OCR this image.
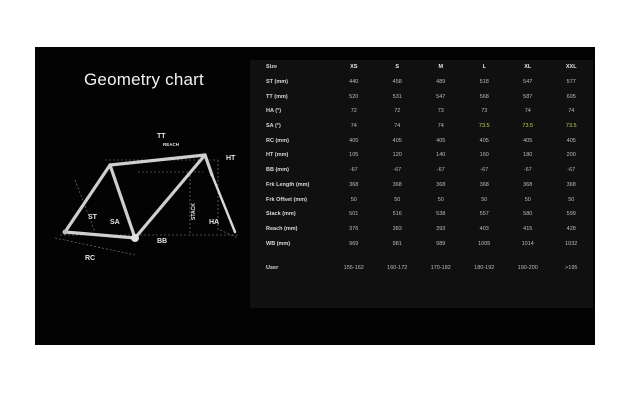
Geometry chart
TT
REACH
HT
ST
SA
STACK
HA
BB
RC
Size	XS	S	M	L	XL	XXL
ST (mm)	440	458	489	518	547	577
TT (mm)	520	531	547	568	587	605
HA (°)	72	72	73	73	74	74
SA (°)	74	74	74	73.5	73.5	73.5
RC (mm)	405	405	405	405	405	405
HT (mm)	105	120	140	160	180	200
BB (mm)	-67	-67	-67	-67	-67	-67
Frk Length (mm)	368	368	368	368	368	368
Frk Offset (mm)	50	50	50	50	50	50
Stack (mm)	501	516	538	557	580	599
Reach (mm)	376	383	393	403	415	428
WB (mm)	969	981	989	1005	1014	1032

User	155-162	160-172	170-182	180-192	190-200	>195
